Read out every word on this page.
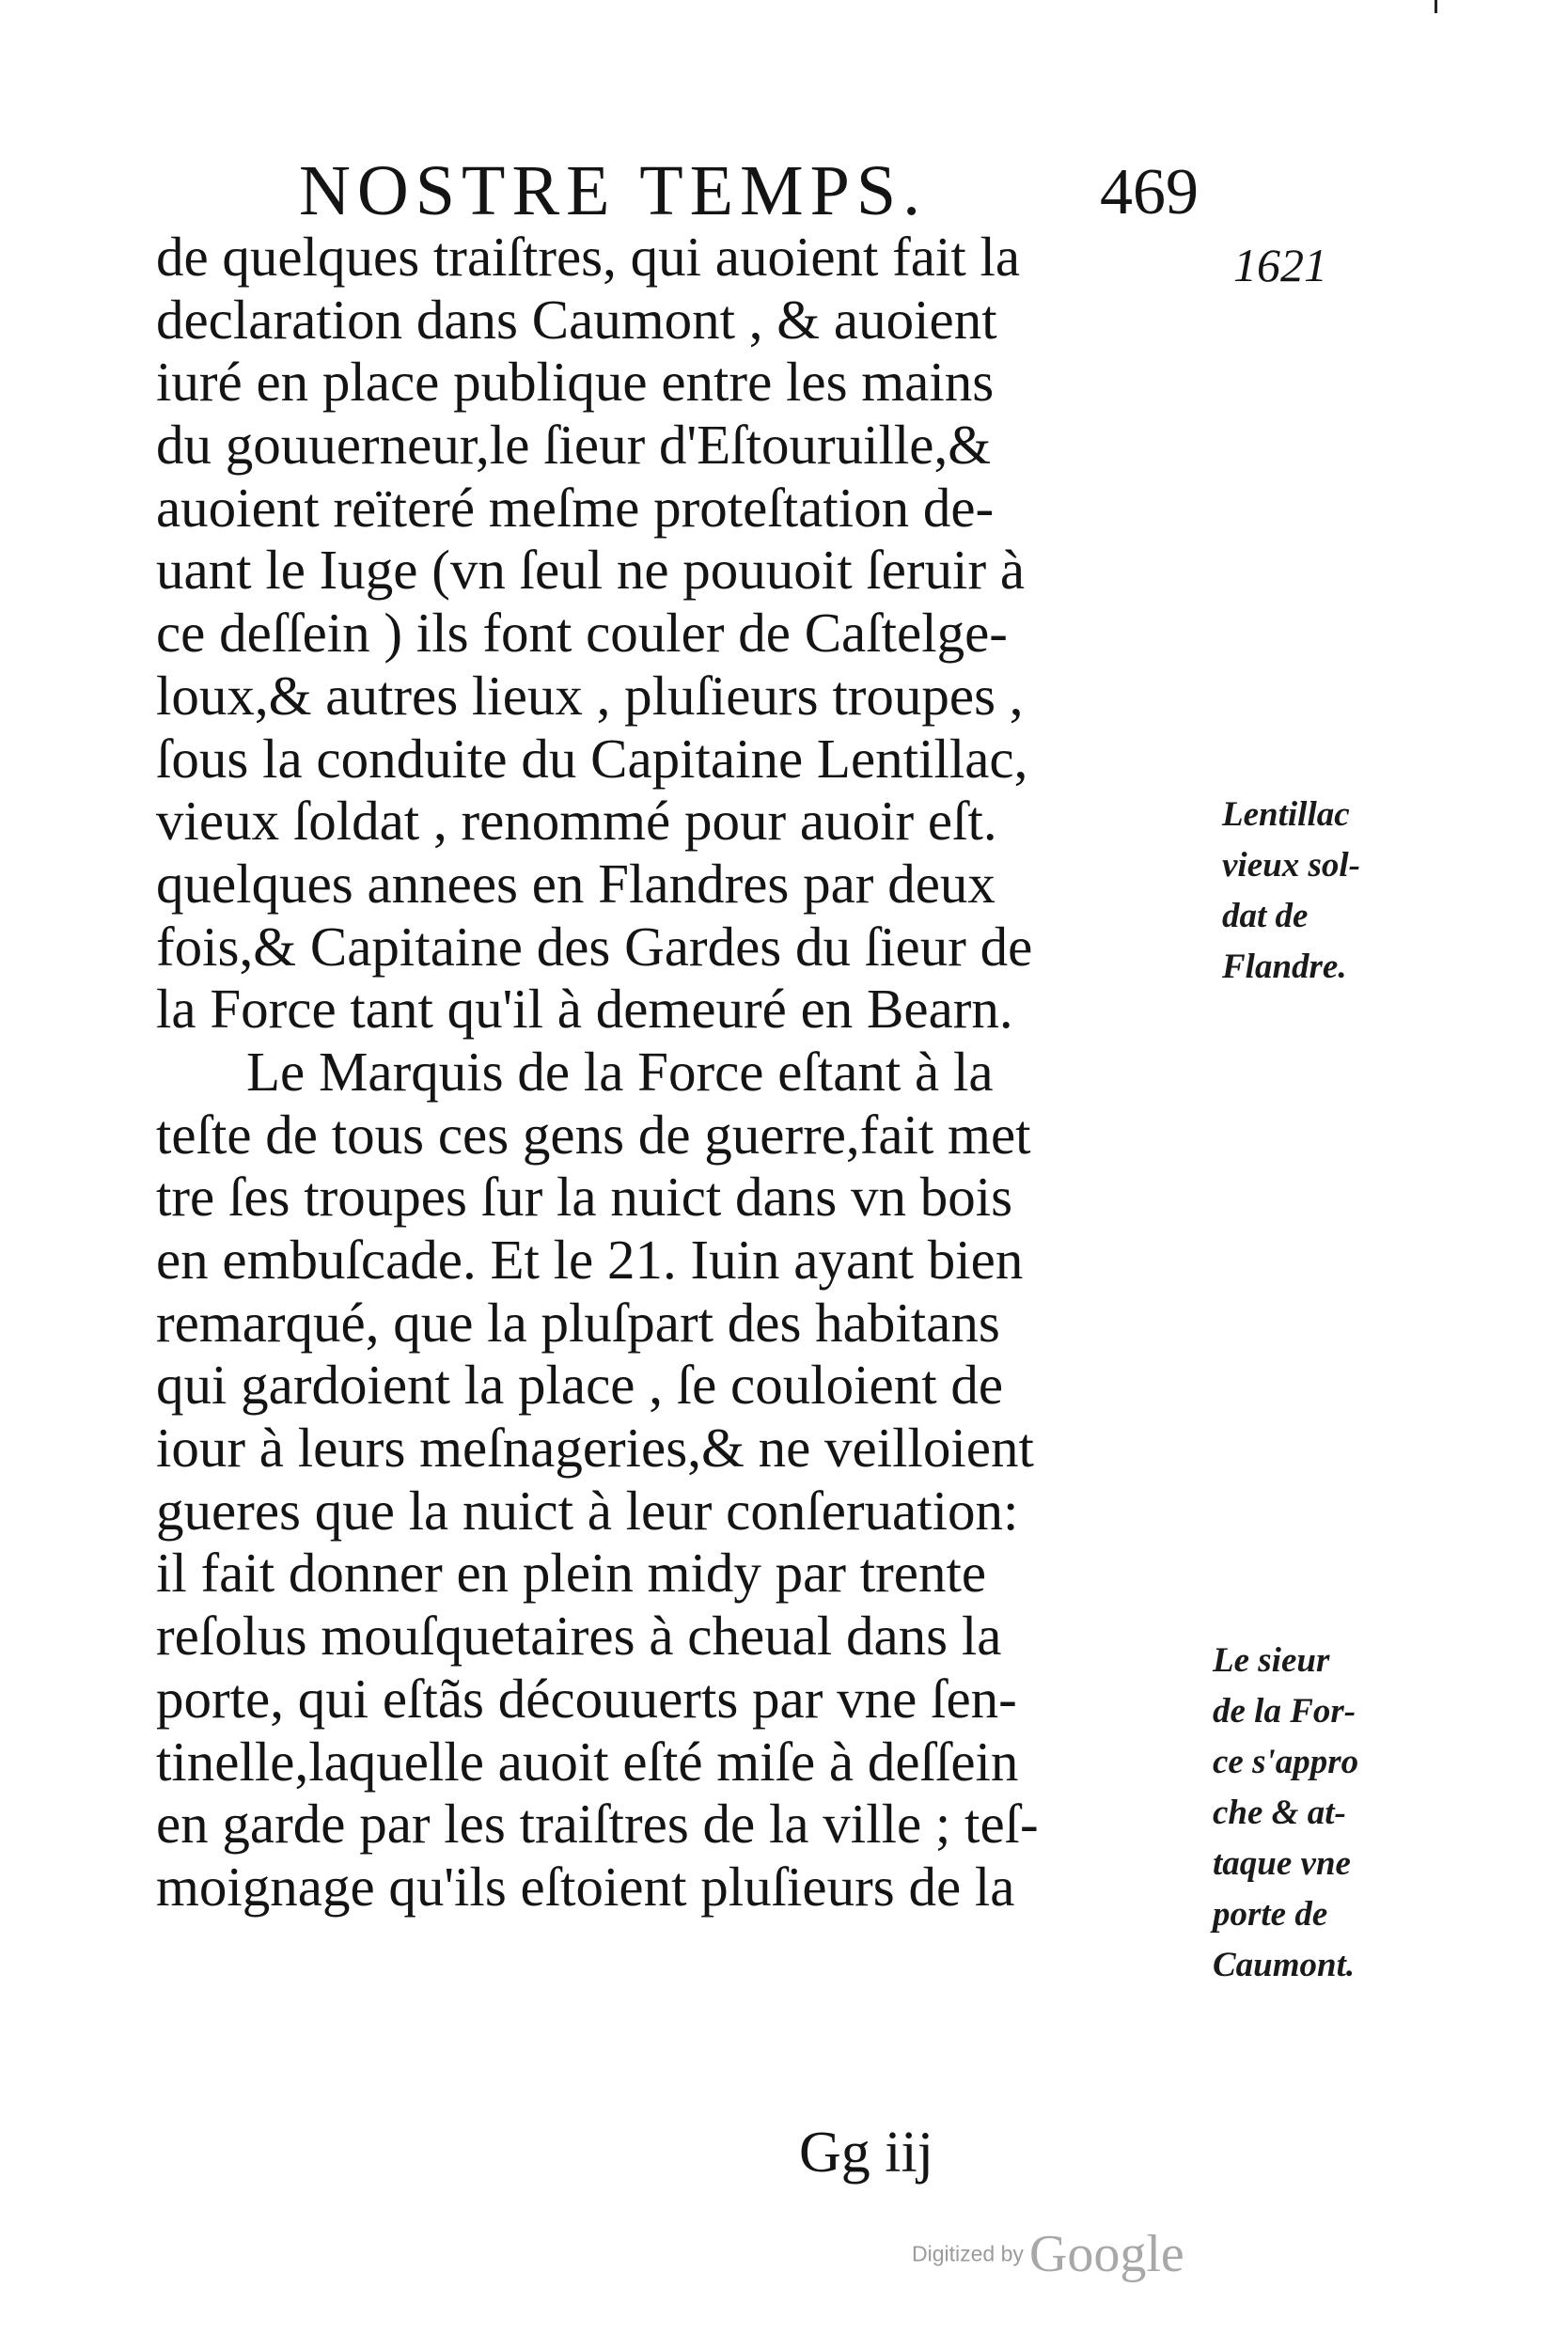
NOSTRE TEMPS.	469
1621
de quelques traiſtres, qui auoient fait la
declaration dans Caumont , & auoient
iuré en place publique entre les mains
du gouuerneur,le ſieur d'Eſtouruille,&
auoient reïteré meſme proteſtation de-
uant le Iuge (vn ſeul ne pouuoit ſeruir à
ce deſſein ) ils font couler de Caſtelge-
loux,& autres lieux , pluſieurs troupes ,
ſous la conduite du Capitaine Lentillac,
vieux ſoldat , renommé pour auoir eſt.
quelques annees en Flandres par deux
fois,& Capitaine des Gardes du ſieur de
la Force tant qu'il à demeuré en Bearn.
Le Marquis de la Force eſtant à la
teſte de tous ces gens de guerre,fait met
tre ſes troupes ſur la nuict dans vn bois
en embuſcade. Et le 21. Iuin ayant bien
remarqué, que la pluſpart des habitans
qui gardoient la place , ſe couloient de
iour à leurs meſnageries,& ne veilloient
gueres que la nuict à leur conſeruation:
il fait donner en plein midy par trente
reſolus mouſquetaires à cheual dans la
porte, qui eſtãs découuerts par vne ſen-
tinelle,laquelle auoit eſté miſe à deſſein
en garde par les traiſtres de la ville ; teſ-
moignage qu'ils eſtoient pluſieurs de la
Lentillac
vieux sol-
dat de
Flandre.
Le sieur
de la For-
ce s'appro
che & at-
taque vne
porte de
Caumont.
Gg iij
Digitized by Google
